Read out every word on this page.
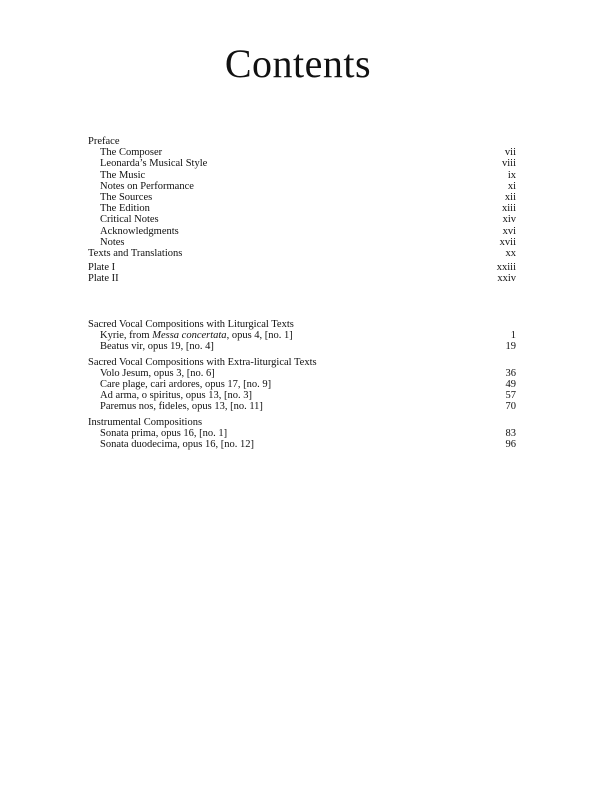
Contents
Preface
The Composer	vii
Leonarda’s Musical Style	viii
The Music	ix
Notes on Performance	xi
The Sources	xii
The Edition	xiii
Critical Notes	xiv
Acknowledgments	xvi
Notes	xvii
Texts and Translations	xx
Plate I	xxiii
Plate II	xxiv
Sacred Vocal Compositions with Liturgical Texts
Kyrie, from Messa concertata, opus 4, [no. 1]	1
Beatus vir, opus 19, [no. 4]	19
Sacred Vocal Compositions with Extra-liturgical Texts
Volo Jesum, opus 3, [no. 6]	36
Care plage, cari ardores, opus 17, [no. 9]	49
Ad arma, o spiritus, opus 13, [no. 3]	57
Paremus nos, fideles, opus 13, [no. 11]	70
Instrumental Compositions
Sonata prima, opus 16, [no. 1]	83
Sonata duodecima, opus 16, [no. 12]	96
